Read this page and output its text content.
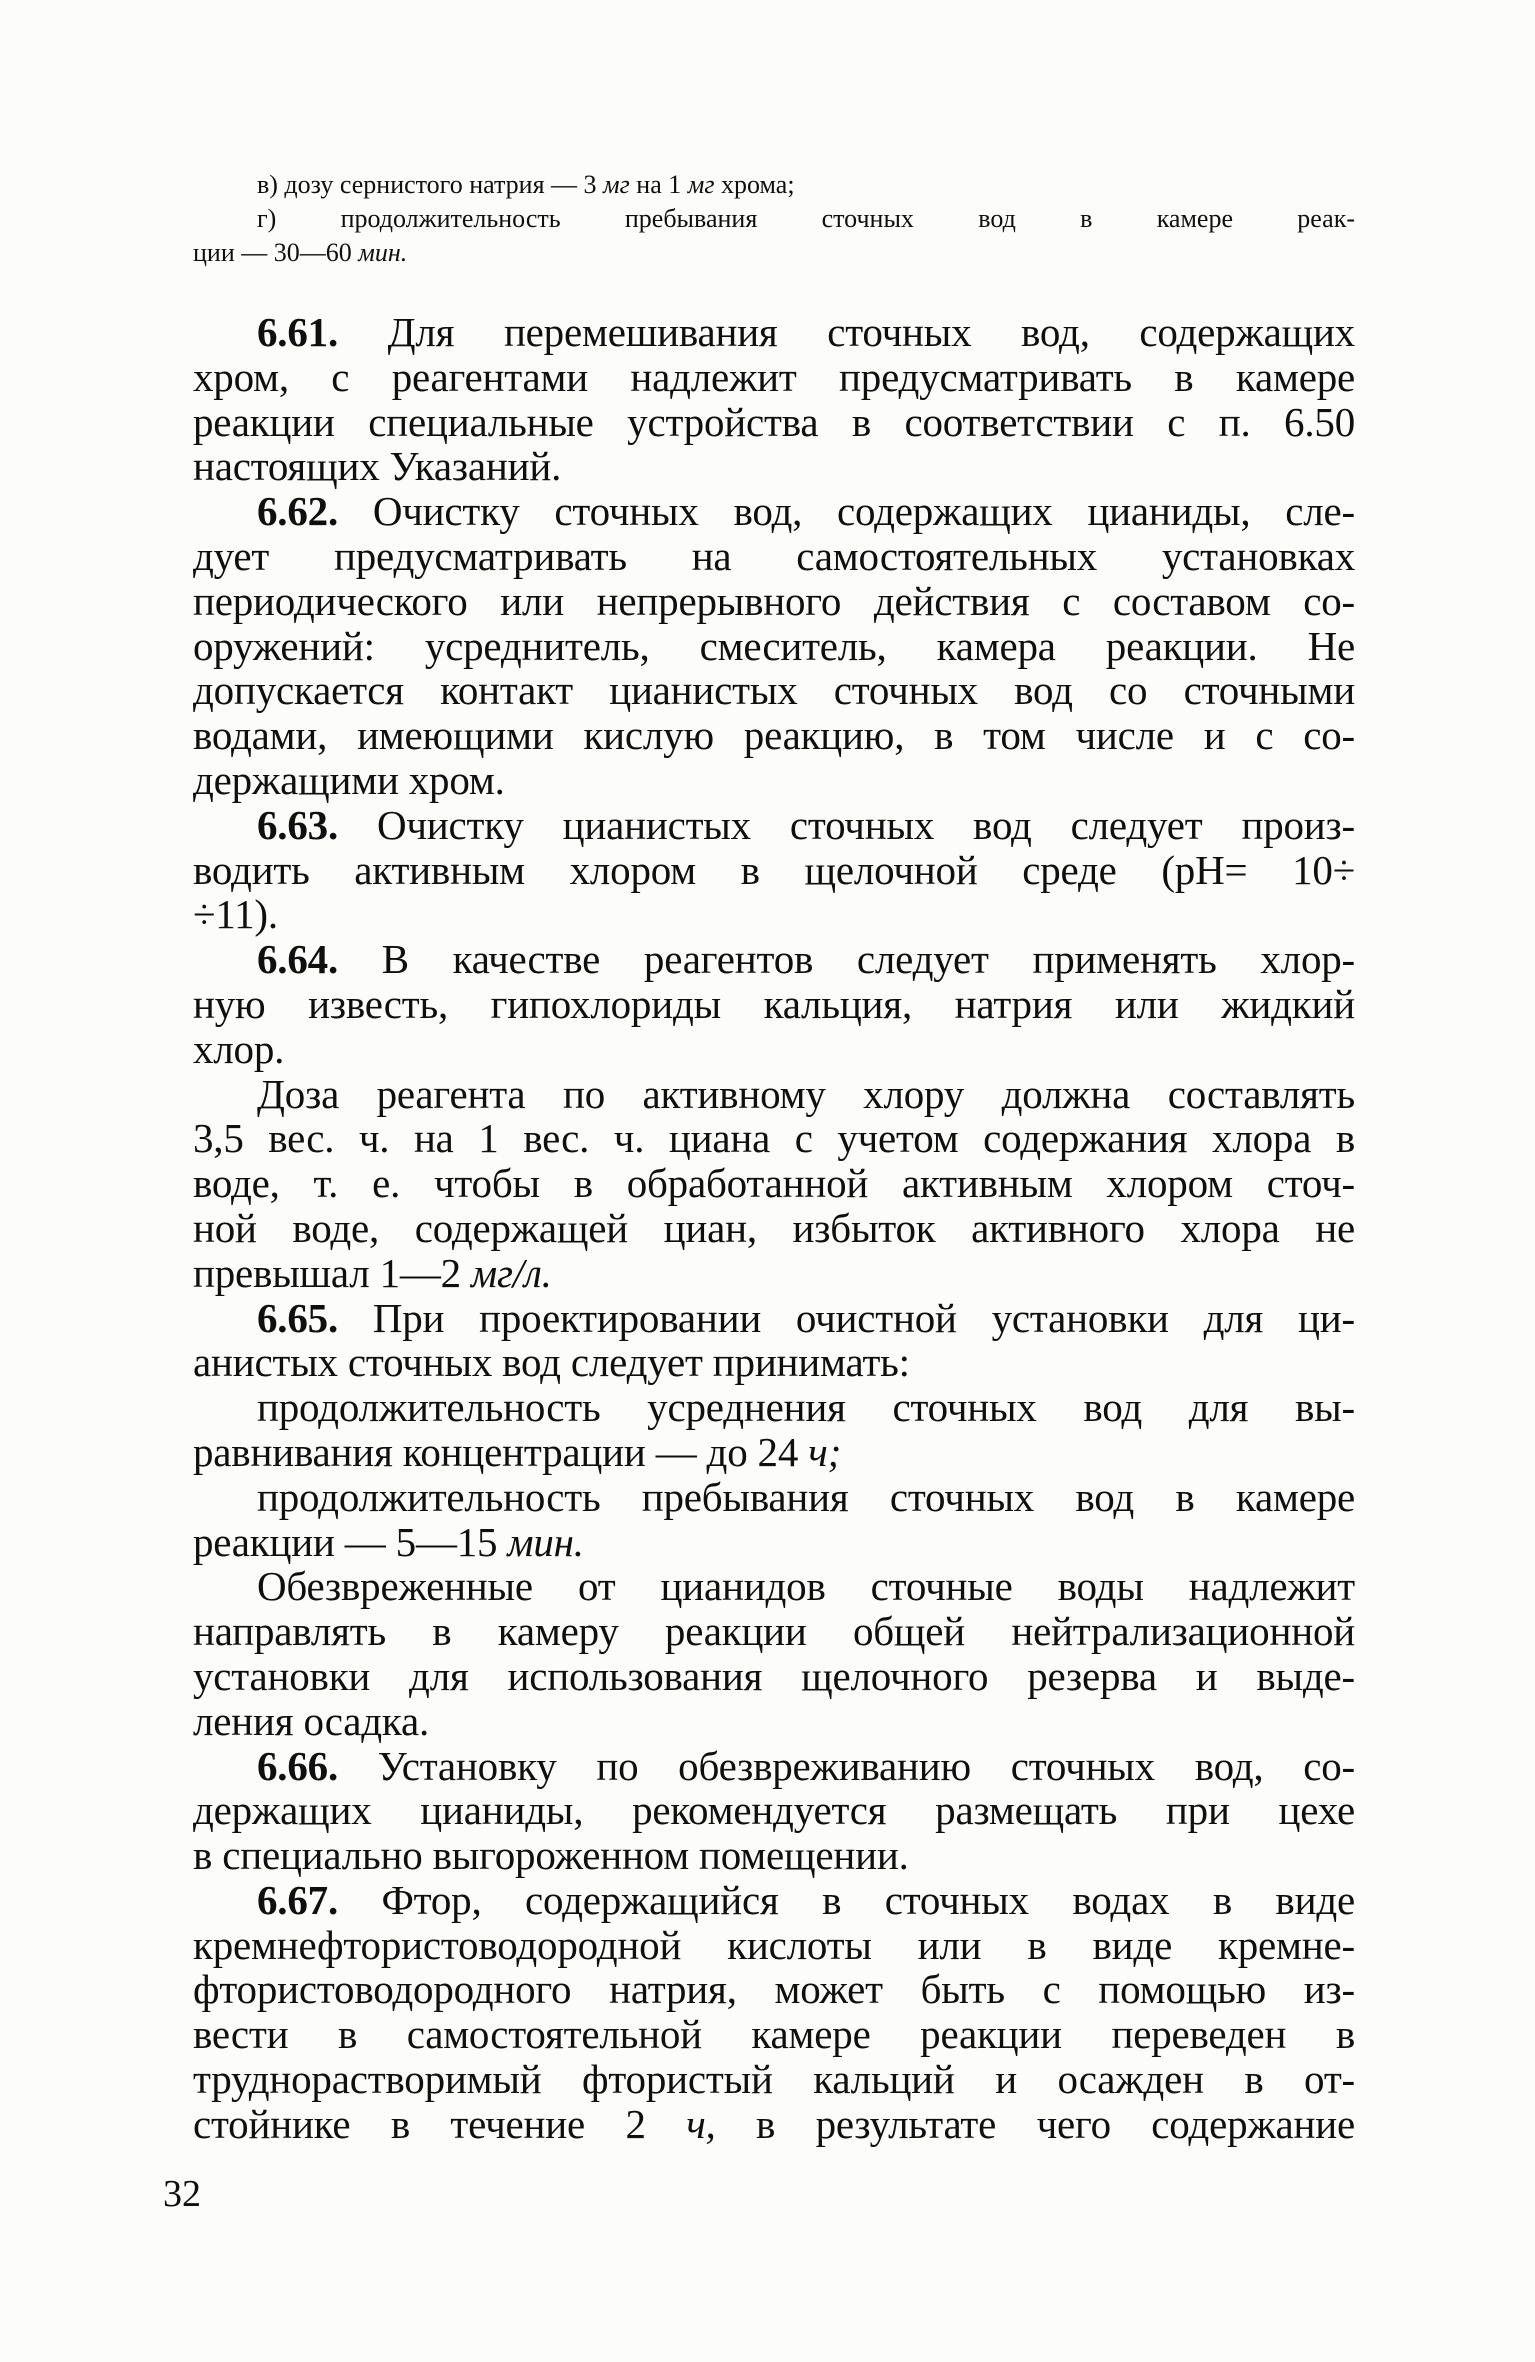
в) дозу сернистого натрия — 3 мг на 1 мг хрома;
г) продолжительность пребывания сточных вод в камере реак-
ции — 30—60 мин.
6.61. Для перемешивания сточных вод, содержащих
хром, с реагентами надлежит предусматривать в камере
реакции специальные устройства в соответствии с п. 6.50
настоящих Указаний.
6.62. Очистку сточных вод, содержащих цианиды, сле-
дует предусматривать на самостоятельных установках
периодического или непрерывного действия с составом со-
оружений: усреднитель, смеситель, камера реакции. Не
допускается контакт цианистых сточных вод со сточными
водами, имеющими кислую реакцию, в том числе и с со-
держащими хром.
6.63. Очистку цианистых сточных вод следует произ-
водить активным хлором в щелочной среде (рН= 10÷
÷11).
6.64. В качестве реагентов следует применять хлор-
ную известь, гипохлориды кальция, натрия или жидкий
хлор.
Доза реагента по активному хлору должна составлять
3,5 вес. ч. на 1 вес. ч. циана с учетом содержания хлора в
воде, т. е. чтобы в обработанной активным хлором сточ-
ной воде, содержащей циан, избыток активного хлора не
превышал 1—2 мг/л.
6.65. При проектировании очистной установки для ци-
анистых сточных вод следует принимать:
продолжительность усреднения сточных вод для вы-
равнивания концентрации — до 24 ч;
продолжительность пребывания сточных вод в камере
реакции — 5—15 мин.
Обезвреженные от цианидов сточные воды надлежит
направлять в камеру реакции общей нейтрализационной
установки для использования щелочного резерва и выде-
ления осадка.
6.66. Установку по обезвреживанию сточных вод, со-
держащих цианиды, рекомендуется размещать при цехе
в специально выгороженном помещении.
6.67. Фтор, содержащийся в сточных водах в виде
кремнефтористоводородной кислоты или в виде кремне-
фтористоводородного натрия, может быть с помощью из-
вести в самостоятельной камере реакции переведен в
труднорастворимый фтористый кальций и осажден в от-
стойнике в течение 2 ч, в результате чего содержание
32
